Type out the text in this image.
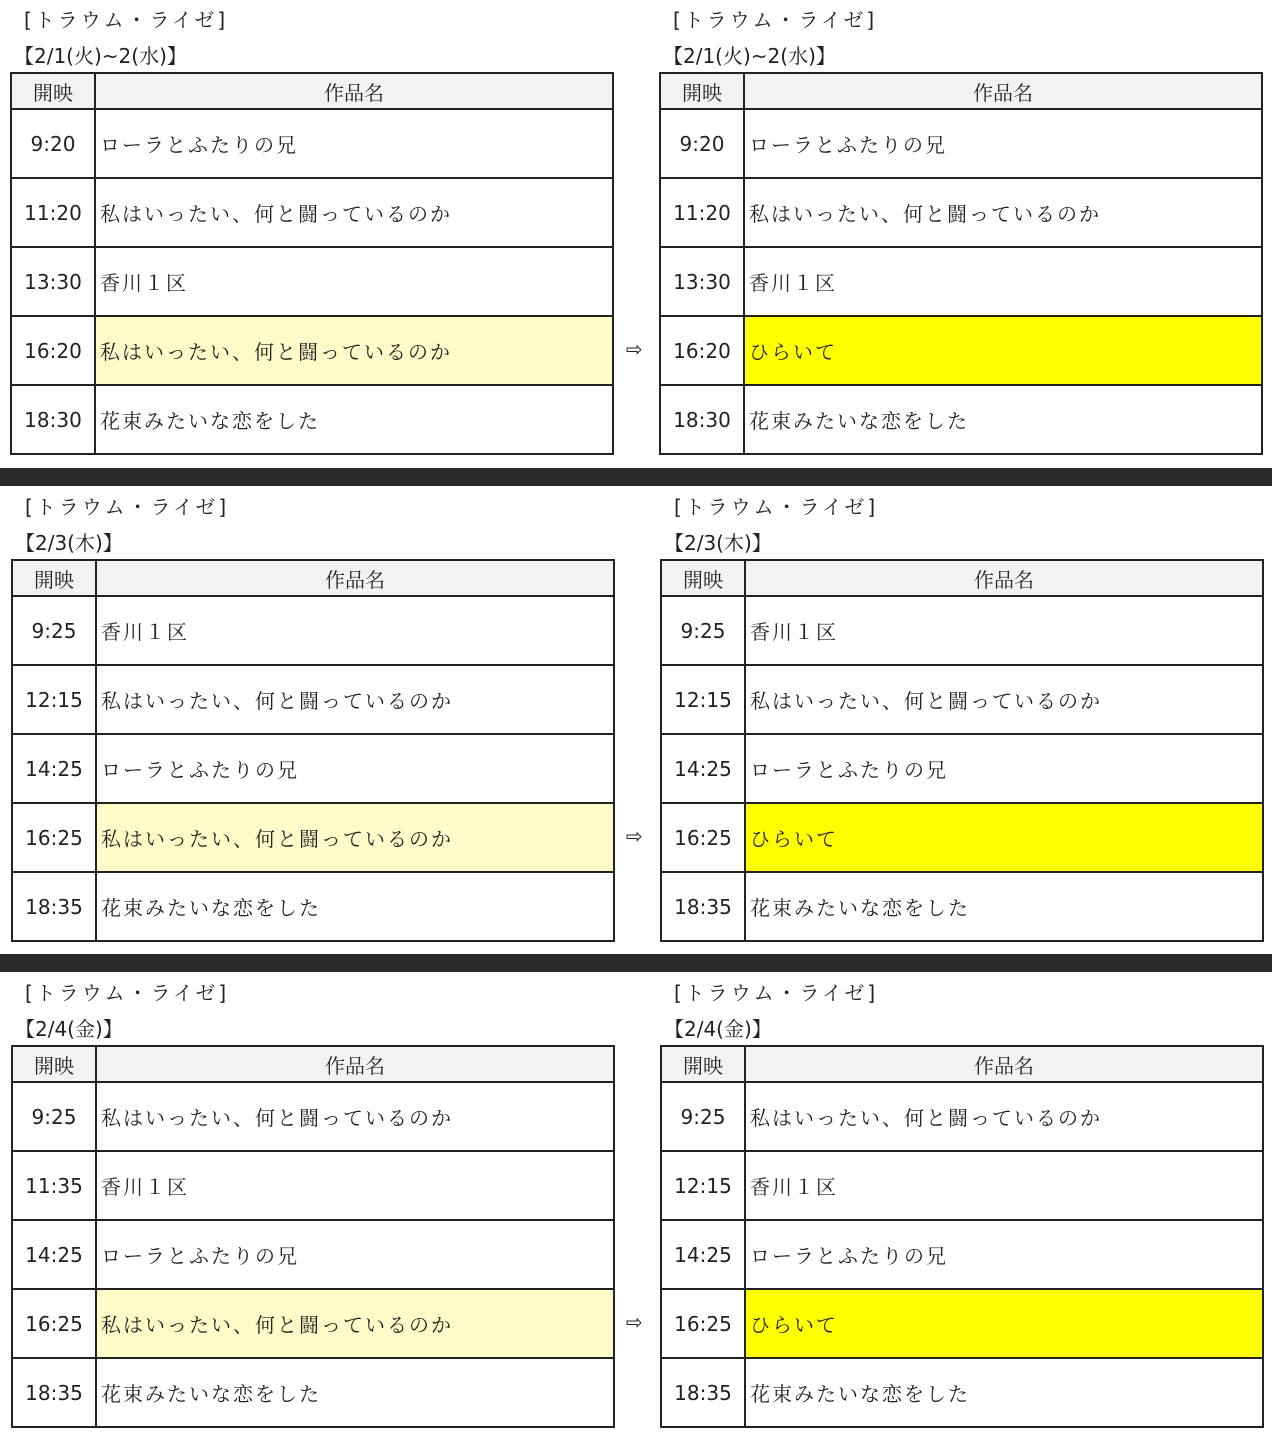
[トラウム・ライゼ]
【2/1(火)~2(水)】
開映	作品名
9:20	ローラとふたりの兄
11:20	私はいったい、何と闘っているのか
13:30	香川１区
16:20	私はいったい、何と闘っているのか
18:30	花束みたいな恋をした
⇨
[トラウム・ライゼ]
【2/1(火)~2(水)】
開映	作品名
9:20	ローラとふたりの兄
11:20	私はいったい、何と闘っているのか
13:30	香川１区
16:20	ひらいて
18:30	花束みたいな恋をした
[トラウム・ライゼ]
【2/3(木)】
開映	作品名
9:25	香川１区
12:15	私はいったい、何と闘っているのか
14:25	ローラとふたりの兄
16:25	私はいったい、何と闘っているのか
18:35	花束みたいな恋をした
⇨
[トラウム・ライゼ]
【2/3(木)】
開映	作品名
9:25	香川１区
12:15	私はいったい、何と闘っているのか
14:25	ローラとふたりの兄
16:25	ひらいて
18:35	花束みたいな恋をした
[トラウム・ライゼ]
【2/4(金)】
開映	作品名
9:25	私はいったい、何と闘っているのか
11:35	香川１区
14:25	ローラとふたりの兄
16:25	私はいったい、何と闘っているのか
18:35	花束みたいな恋をした
⇨
[トラウム・ライゼ]
【2/4(金)】
開映	作品名
9:25	私はいったい、何と闘っているのか
12:15	香川１区
14:25	ローラとふたりの兄
16:25	ひらいて
18:35	花束みたいな恋をした
